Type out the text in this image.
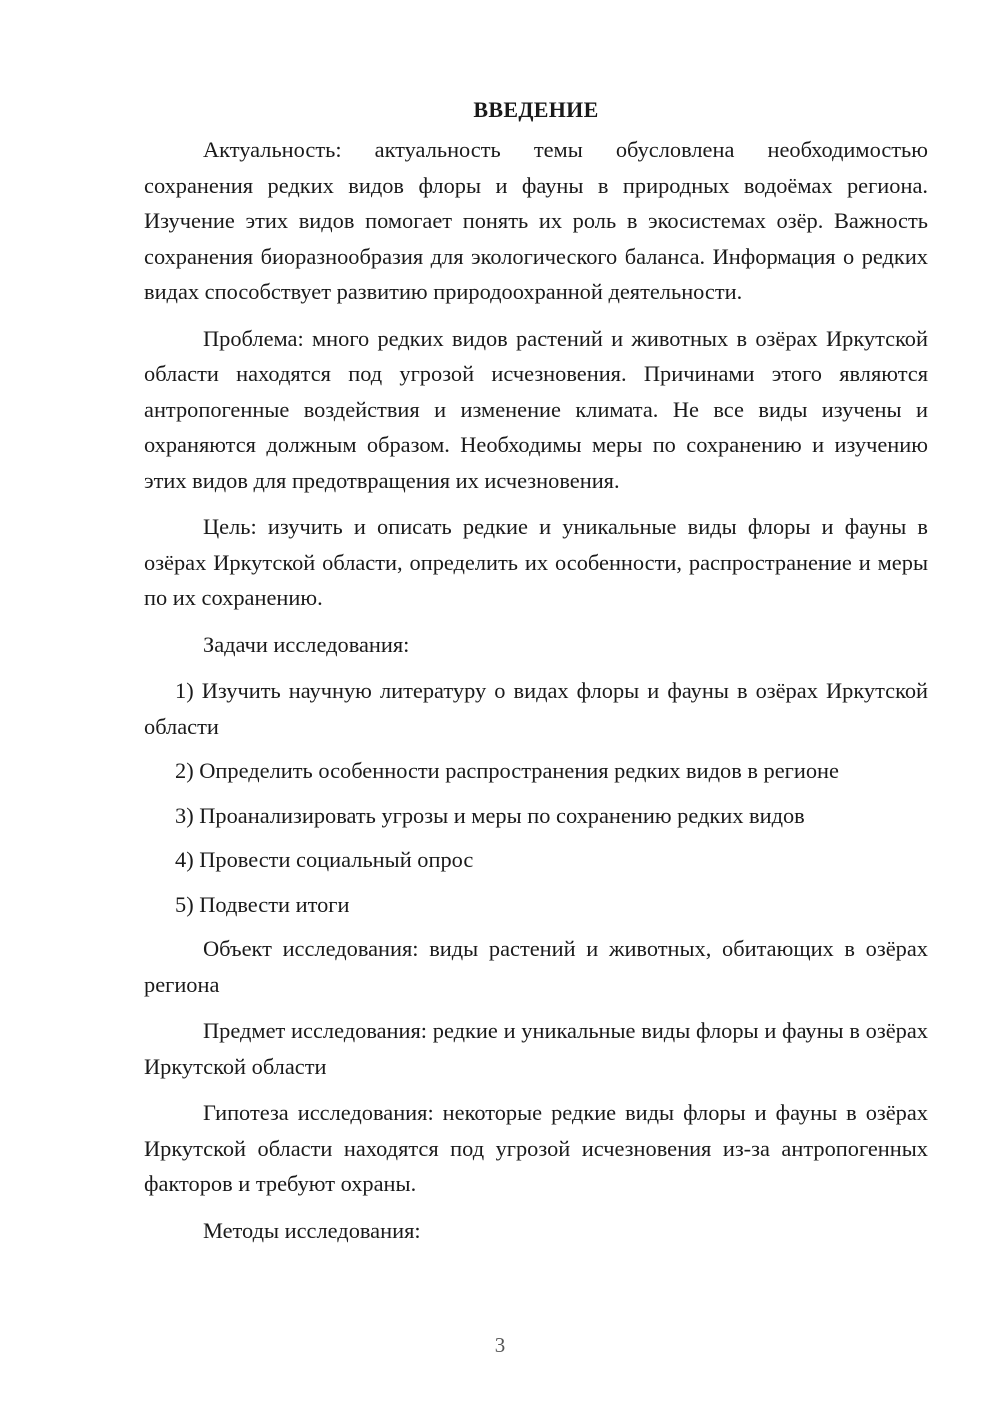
ВВЕДЕНИЕ

Актуальность: актуальность темы обусловлена необходимостью сохранения редких видов флоры и фауны в природных водоёмах региона. Изучение этих видов помогает понять их роль в экосистемах озёр. Важность сохранения биоразнообразия для экологического баланса. Информация о редких видах способствует развитию природоохранной деятельности.

Проблема: много редких видов растений и животных в озёрах Иркутской области находятся под угрозой исчезновения. Причинами этого являются антропогенные воздействия и изменение климата. Не все виды изучены и охраняются должным образом. Необходимы меры по сохранению и изучению этих видов для предотвращения их исчезновения.

Цель: изучить и описать редкие и уникальные виды флоры и фауны в озёрах Иркутской области, определить их особенности, распространение и меры по их сохранению.

Задачи исследования:

1) Изучить научную литературу о видах флоры и фауны в озёрах Иркутской области

2) Определить особенности распространения редких видов в регионе

3) Проанализировать угрозы и меры по сохранению редких видов

4) Провести социальный опрос

5) Подвести итоги

Объект исследования: виды растений и животных, обитающих в озёрах региона

Предмет исследования: редкие и уникальные виды флоры и фауны в озёрах Иркутской области

Гипотеза исследования: некоторые редкие виды флоры и фауны в озёрах Иркутской области находятся под угрозой исчезновения из-за антропогенных факторов и требуют охраны.

Методы исследования:

3
